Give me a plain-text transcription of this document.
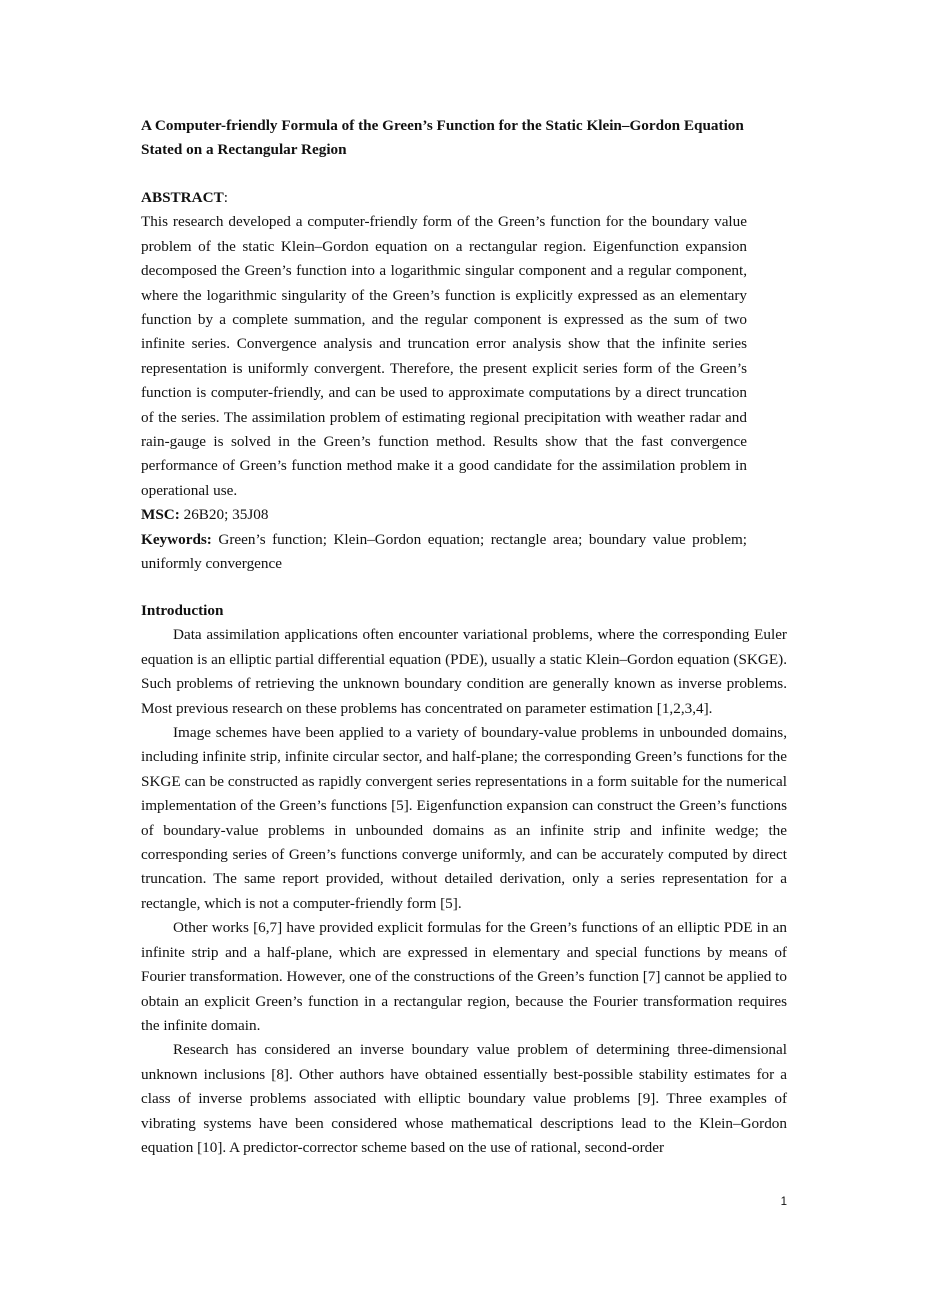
A Computer-friendly Formula of the Green’s Function for the Static Klein–Gordon Equation Stated on a Rectangular Region

ABSTRACT:

This research developed a computer-friendly form of the Green’s function for the boundary value problem of the static Klein–Gordon equation on a rectangular region. Eigenfunction expansion decomposed the Green’s function into a logarithmic singular component and a regular component, where the logarithmic singularity of the Green’s function is explicitly expressed as an elementary function by a complete summation, and the regular component is expressed as the sum of two infinite series. Convergence analysis and truncation error analysis show that the infinite series representation is uniformly convergent. Therefore, the present explicit series form of the Green’s function is computer-friendly, and can be used to approximate computations by a direct truncation of the series. The assimilation problem of estimating regional precipitation with weather radar and rain-gauge is solved in the Green’s function method. Results show that the fast convergence performance of Green’s function method make it a good candidate for the assimilation problem in operational use.

MSC: 26B20; 35J08

Keywords: Green’s function; Klein–Gordon equation; rectangle area; boundary value problem; uniformly convergence

Introduction

Data assimilation applications often encounter variational problems, where the corresponding Euler equation is an elliptic partial differential equation (PDE), usually a static Klein–Gordon equation (SKGE). Such problems of retrieving the unknown boundary condition are generally known as inverse problems. Most previous research on these problems has concentrated on parameter estimation [1,2,3,4].

Image schemes have been applied to a variety of boundary-value problems in unbounded domains, including infinite strip, infinite circular sector, and half-plane; the corresponding Green’s functions for the SKGE can be constructed as rapidly convergent series representations in a form suitable for the numerical implementation of the Green’s functions [5]. Eigenfunction expansion can construct the Green’s functions of boundary-value problems in unbounded domains as an infinite strip and infinite wedge; the corresponding series of Green’s functions converge uniformly, and can be accurately computed by direct truncation. The same report provided, without detailed derivation, only a series representation for a rectangle, which is not a computer-friendly form [5].

Other works [6,7] have provided explicit formulas for the Green’s functions of an elliptic PDE in an infinite strip and a half-plane, which are expressed in elementary and special functions by means of Fourier transformation. However, one of the constructions of the Green’s function [7] cannot be applied to obtain an explicit Green’s function in a rectangular region, because the Fourier transformation requires the infinite domain.

Research has considered an inverse boundary value problem of determining three-dimensional unknown inclusions [8]. Other authors have obtained essentially best-possible stability estimates for a class of inverse problems associated with elliptic boundary value problems [9]. Three examples of vibrating systems have been considered whose mathematical descriptions lead to the Klein–Gordon equation [10]. A predictor-corrector scheme based on the use of rational, second-order

1
